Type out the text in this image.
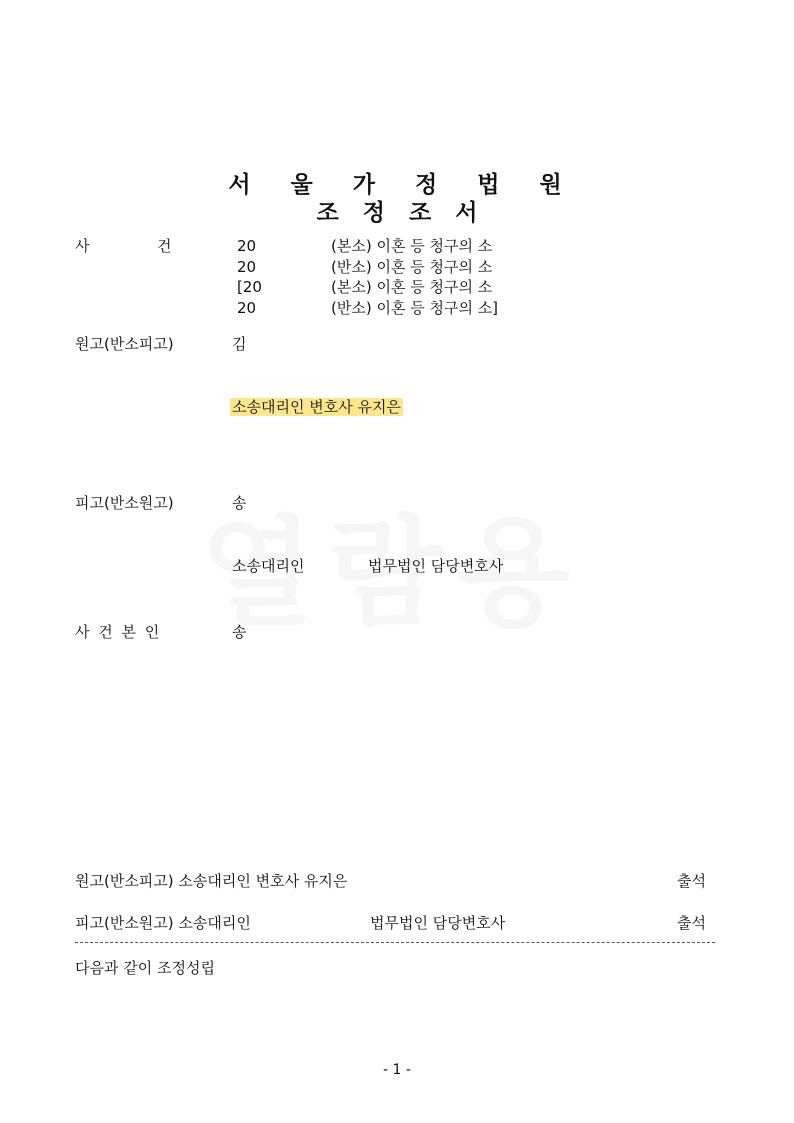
서 울 가 정 법 원
조 정 조 서
사	건	20	(본소) 이혼 등 청구의 소
20	(반소) 이혼 등 청구의 소
[20	(본소) 이혼 등 청구의 소
20	(반소) 이혼 등 청구의 소]
원고(반소피고)	김
소송대리인 변호사 유지은
피고(반소원고)	송
소송대리인	법무법인 담당변호사
사 건 본 인	송
원고(반소피고) 소송대리인 변호사 유지은	출석
피고(반소원고) 소송대리인	법무법인 담당변호사	출석
다음과 같이 조정성립
- 1 -
